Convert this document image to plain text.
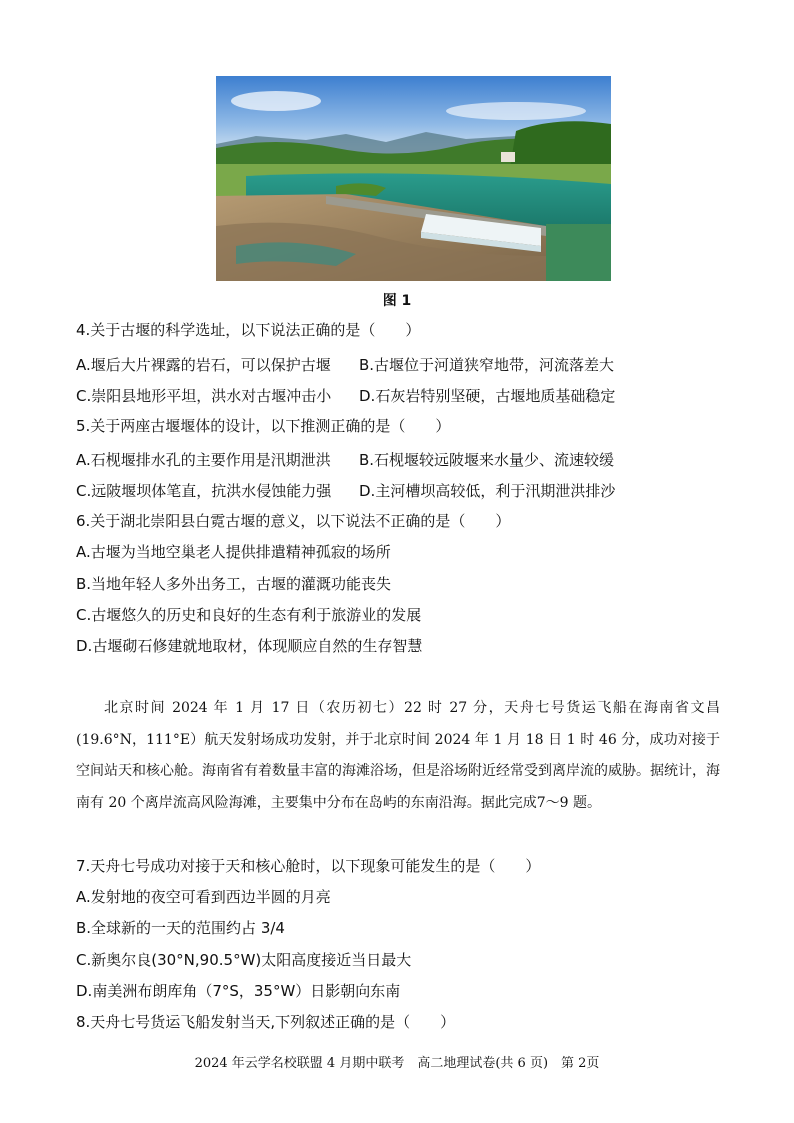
图 1
4.关于古堰的科学选址，以下说法正确的是（　　）
A.堰后大片裸露的岩石，可以保护古堰 B.古堰位于河道狭窄地带，河流落差大
C.崇阳县地形平坦，洪水对古堰冲击小 D.石灰岩特别坚硬，古堰地质基础稳定
5.关于两座古堰堰体的设计，以下推测正确的是（　　）
A.石枧堰排水孔的主要作用是汛期泄洪 B.石枧堰较远陂堰来水量少、流速较缓
C.远陂堰坝体笔直，抗洪水侵蚀能力强 D.主河槽坝高较低，利于汛期泄洪排沙
6.关于湖北崇阳县白霓古堰的意义，以下说法不正确的是（　　）
A.古堰为当地空巢老人提供排遣精神孤寂的场所
B.当地年轻人多外出务工，古堰的灌溉功能丧失
C.古堰悠久的历史和良好的生态有利于旅游业的发展
D.古堰砌石修建就地取材，体现顺应自然的生存智慧

北京时间 2024 年 1 月 17 日（农历初七）22 时 27 分，天舟七号货运飞船在海南省文昌(19.6°N，111°E）航天发射场成功发射，并于北京时间 2024 年 1 月 18 日 1 时 46 分，成功对接于空间站天和核心舱。海南省有着数量丰富的海滩浴场，但是浴场附近经常受到离岸流的威胁。据统计，海南有 20 个离岸流高风险海滩，主要集中分布在岛屿的东南沿海。据此完成7～9 题。

7.天舟七号成功对接于天和核心舱时，以下现象可能发生的是（　　）
A.发射地的夜空可看到西边半圆的月亮
B.全球新的一天的范围约占 3/4
C.新奥尔良(30°N,90.5°W)太阳高度接近当日最大
D.南美洲布朗库角（7°S，35°W）日影朝向东南
8.天舟七号货运飞船发射当天,下列叙述正确的是（　　）
2024 年云学名校联盟 4 月期中联考　高二地理试卷(共 6 页)　第 2页
